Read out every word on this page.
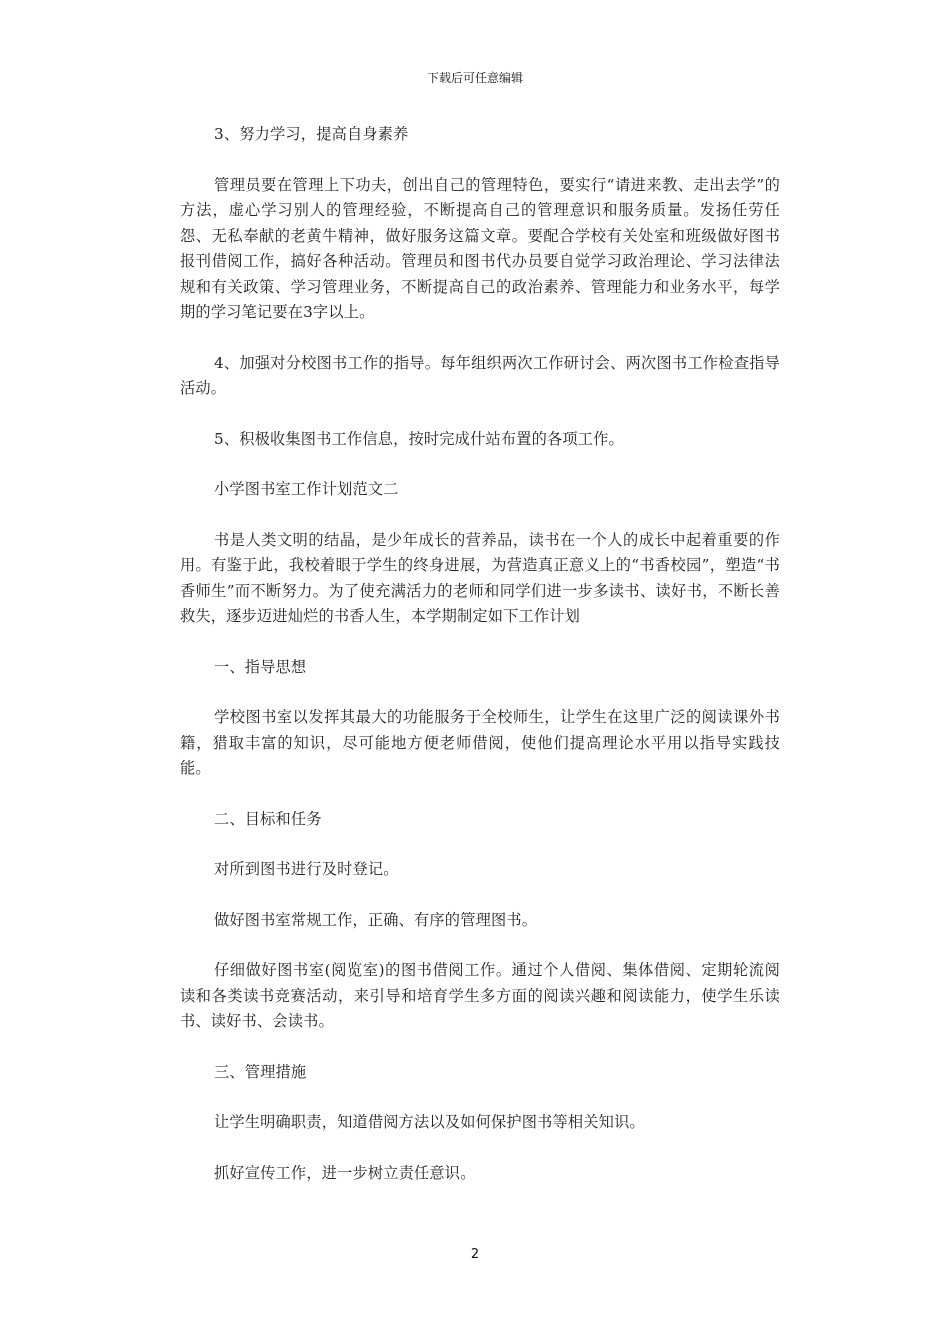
下载后可任意编辑

3、努力学习，提高自身素养

管理员要在管理上下功夫，创出自己的管理特色，要实行“请进来教、走出去学”的方法，虚心学习别人的管理经验，不断提高自己的管理意识和服务质量。发扬任劳任怨、无私奉献的老黄牛精神，做好服务这篇文章。要配合学校有关处室和班级做好图书报刊借阅工作，搞好各种活动。管理员和图书代办员要自觉学习政治理论、学习法律法规和有关政策、学习管理业务，不断提高自己的政治素养、管理能力和业务水平，每学期的学习笔记要在3字以上。

4、加强对分校图书工作的指导。每年组织两次工作研讨会、两次图书工作检查指导活动。

5、积极收集图书工作信息，按时完成什站布置的各项工作。

小学图书室工作计划范文二

书是人类文明的结晶，是少年成长的营养品，读书在一个人的成长中起着重要的作用。有鉴于此，我校着眼于学生的终身进展，为营造真正意义上的“书香校园”，塑造“书香师生”而不断努力。为了使充满活力的老师和同学们进一步多读书、读好书，不断长善救失，逐步迈进灿烂的书香人生，本学期制定如下工作计划

一、指导思想

学校图书室以发挥其最大的功能服务于全校师生，让学生在这里广泛的阅读课外书籍，猎取丰富的知识，尽可能地方便老师借阅，使他们提高理论水平用以指导实践技能。

二、目标和任务

对所到图书进行及时登记。

做好图书室常规工作，正确、有序的管理图书。

仔细做好图书室(阅览室)的图书借阅工作。通过个人借阅、集体借阅、定期轮流阅读和各类读书竞赛活动，来引导和培育学生多方面的阅读兴趣和阅读能力，使学生乐读书、读好书、会读书。

三、管理措施

让学生明确职责，知道借阅方法以及如何保护图书等相关知识。

抓好宣传工作，进一步树立责任意识。

2
